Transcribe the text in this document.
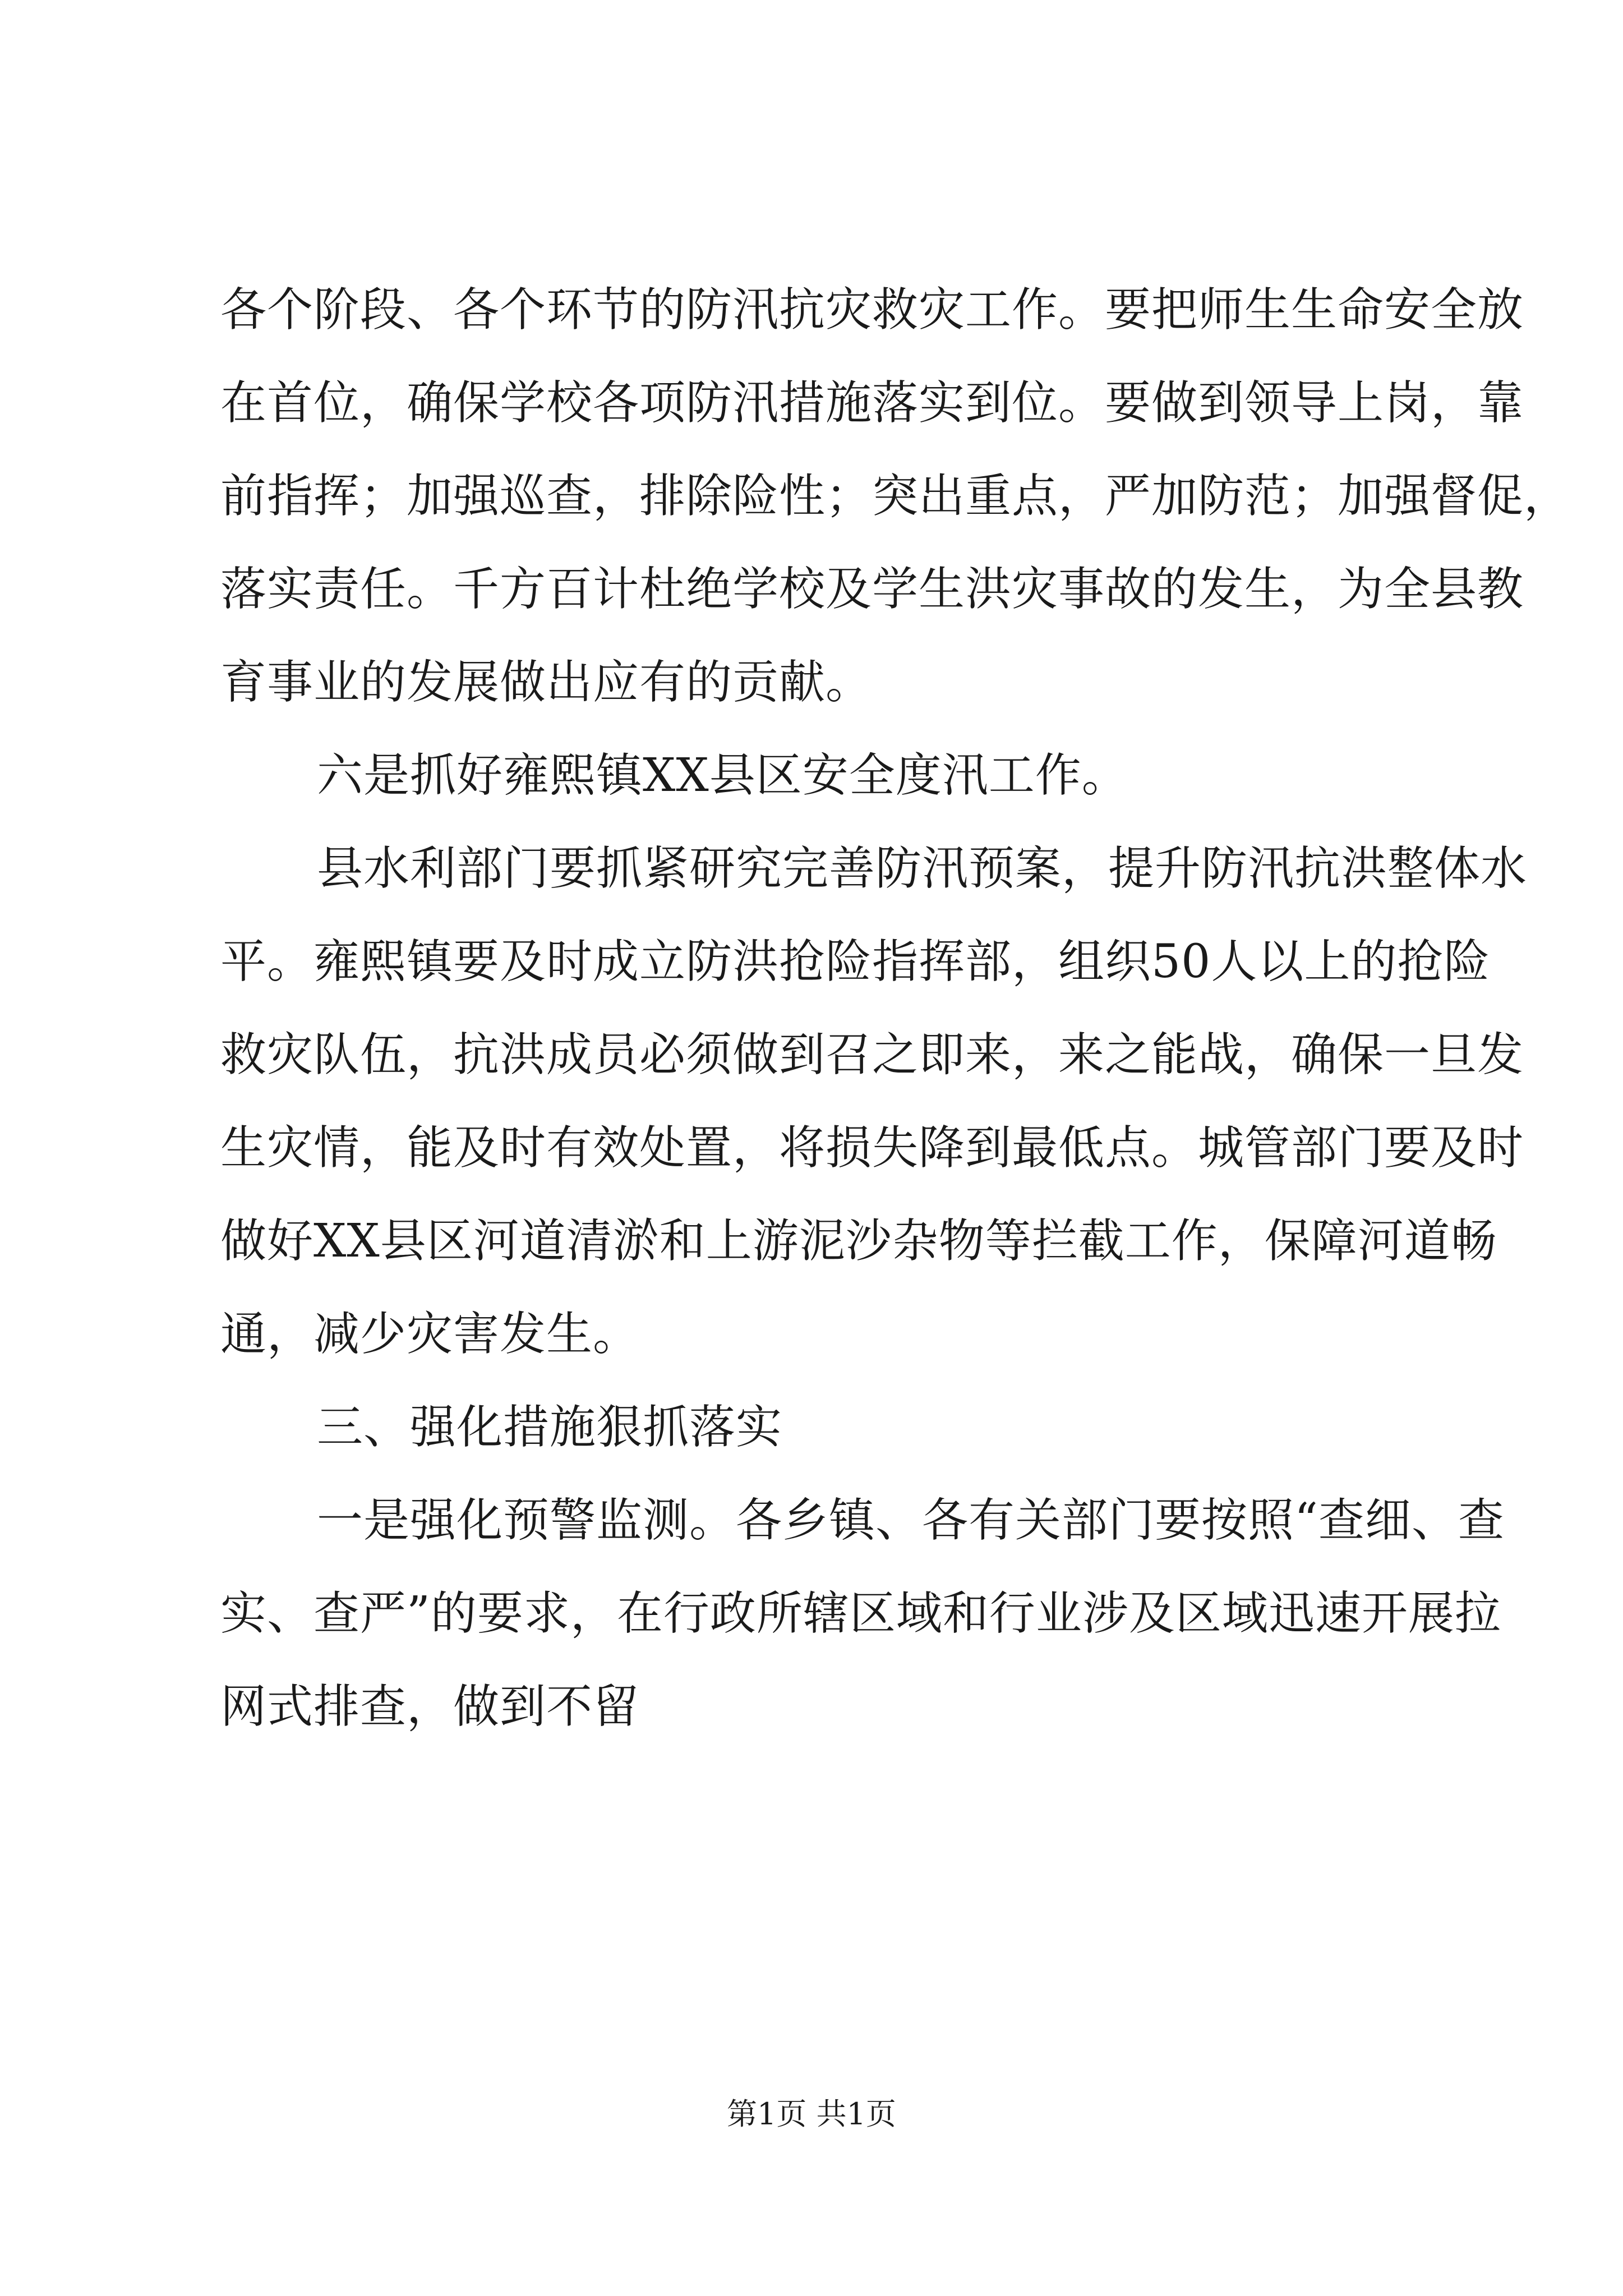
各个阶段、各个环节的防汛抗灾救灾工作。要把师生生命安全放
在首位，确保学校各项防汛措施落实到位。要做到领导上岗，靠
前指挥；加强巡查，排除险性；突出重点，严加防范；加强督促，
落实责任。千方百计杜绝学校及学生洪灾事故的发生，为全县教
育事业的发展做出应有的贡献。
六是抓好雍熙镇XX县区安全度汛工作。
县水利部门要抓紧研究完善防汛预案，提升防汛抗洪整体水
平。雍熙镇要及时成立防洪抢险指挥部，组织50人以上的抢险
救灾队伍，抗洪成员必须做到召之即来，来之能战，确保一旦发
生灾情，能及时有效处置，将损失降到最低点。城管部门要及时
做好XX县区河道清淤和上游泥沙杂物等拦截工作，保障河道畅
通，减少灾害发生。
三、强化措施狠抓落实
一是强化预警监测。各乡镇、各有关部门要按照“查细、查
实、查严”的要求，在行政所辖区域和行业涉及区域迅速开展拉
网式排查，做到不留
第1页 共1页
